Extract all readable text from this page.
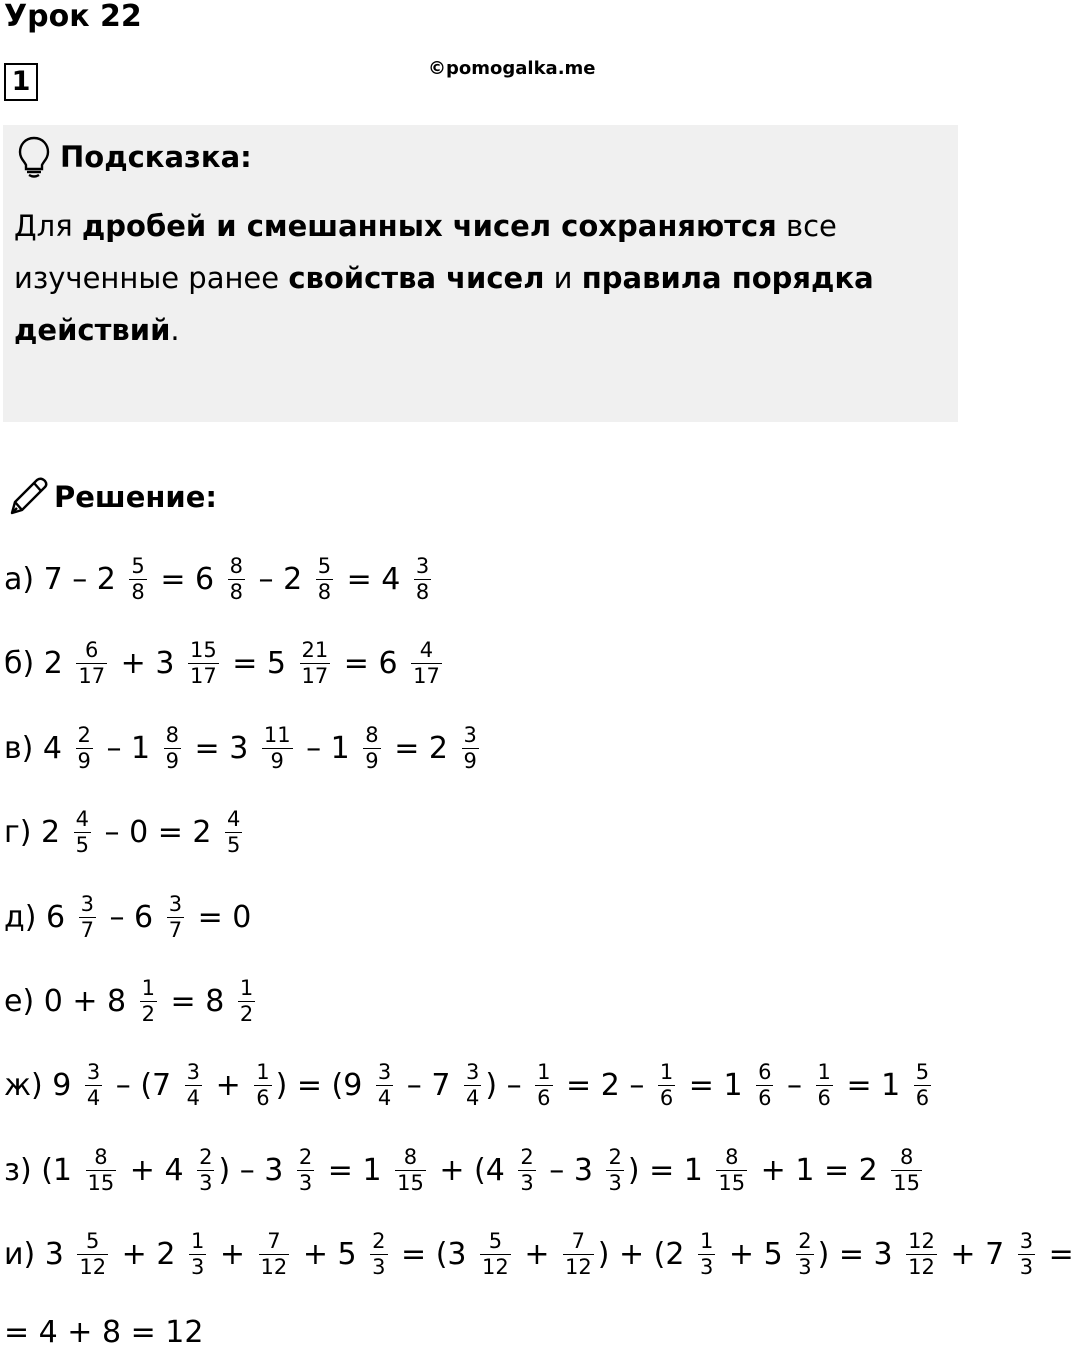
Урок 22
1	©pomogalka.me
Подсказка:
Для дробей и смешанных чисел сохраняются все изученные ранее свойства чисел и правила порядка действий.
Решение:
а) $7 - 2 \frac{5}{8} = 6 \frac{8}{8} - 2 \frac{5}{8} = 4 \frac{3}{8}$
б) $2 \frac{6}{17} + 3 \frac{15}{17} = 5 \frac{21}{17} = 6 \frac{4}{17}$
в) $4 \frac{2}{9} - 1 \frac{8}{9} = 3 \frac{11}{9} - 1 \frac{8}{9} = 2 \frac{3}{9}$
г) $2 \frac{4}{5} - 0 = 2 \frac{4}{5}$
д) $6 \frac{3}{7} - 6 \frac{3}{7} = 0$
е) $0 + 8 \frac{1}{2} = 8 \frac{1}{2}$
ж) $9 \frac{3}{4} - (7 \frac{3}{4} + \frac{1}{6}$ ) = ($9 \frac{3}{4} - 7 \frac{3}{4}$ ) – $\frac{1}{6} = 2 - \frac{1}{6} = 1 \frac{6}{6} - \frac{1}{6} = 1 \frac{5}{6}$
з) ($1 \frac{8}{15} + 4 \frac{2}{3}$ ) – $3 \frac{2}{3} = 1 \frac{8}{15} + (4 \frac{2}{3} - 3 \frac{2}{3}$ ) = $1 \frac{8}{15} + 1 = 2 \frac{8}{15}$
и) $3 \frac{5}{12} + 2 \frac{1}{3} + \frac{7}{12} + 5 \frac{2}{3} = (3 \frac{5}{12} + \frac{7}{12}$ ) + ($2 \frac{1}{3} + 5 \frac{2}{3}$ ) = $3 \frac{12}{12} + 7 \frac{3}{3}$ =
= 4 + 8 = 12
